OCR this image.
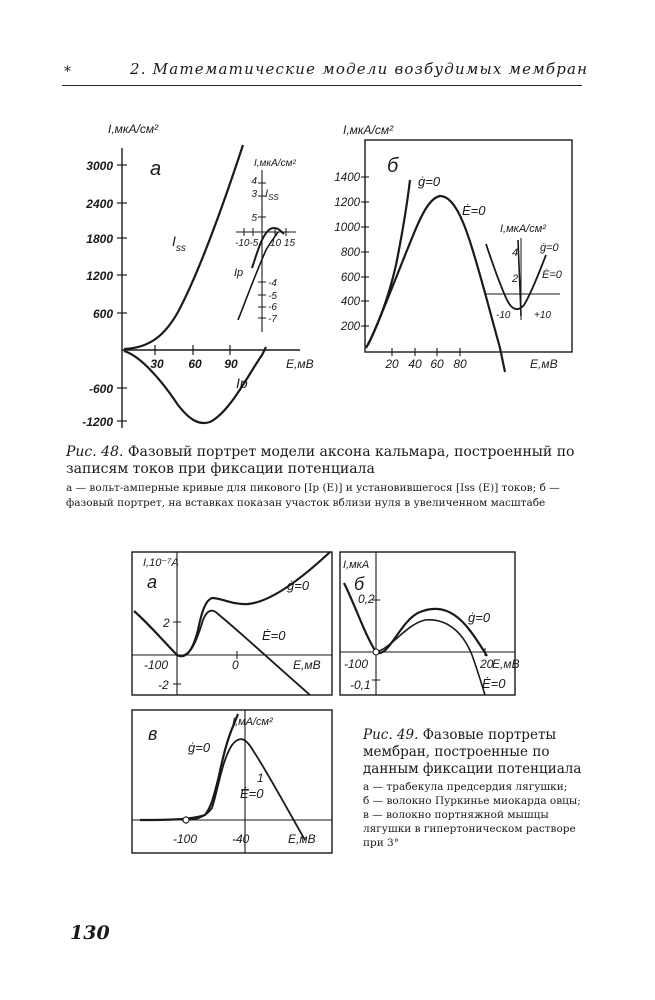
*	2. Математические модели возбудимых мембран
I,мкА/см²
а
3000
2400
1800
1200
600
-600
-1200
30 60 90	E,мВ
$I_{ss}$
Ip
I,мкА/см²
4
3
5
-4
-5
-6
-7
$I_{SS}$
-10-5 10 15
Ip
I,мкА/см²
б
1400
1200
1000
800
600
400
200
20 40 60 80	E,мВ
ġ=0
Ė=0
I,мкА/см²
ġ=0
Ė=0
4
2
-10 +10
I,10⁻⁷A
а
2
-2
-100	0	E,мВ
ġ=0
Ė=0
I,мкА
б
0,2
-0,1
-100	20
E,мВ
ġ=0
Ė=0
в
I,мА/см²
ġ=0
Ė=0
1
-100	-40	E,мВ
Рис. 48. Фазовый портрет модели аксона кальмара, построенный по записям токов при фиксации потенциала
а — вольт-амперные кривые для пикового [Ip (E)] и установившегося [Iss (E)] токов; б — фазовый портрет, на вставках показан участок вблизи нуля в увеличенном масштабе
Рис. 49. Фазовые портреты мембран, построенные по данным фиксации потенциала
а — трабекула предсердия лягушки;
б — волокно Пуркинье миокарда овцы;
в — волокно портняжной мышцы лягушки в гипертоническом растворе при 3°
130
